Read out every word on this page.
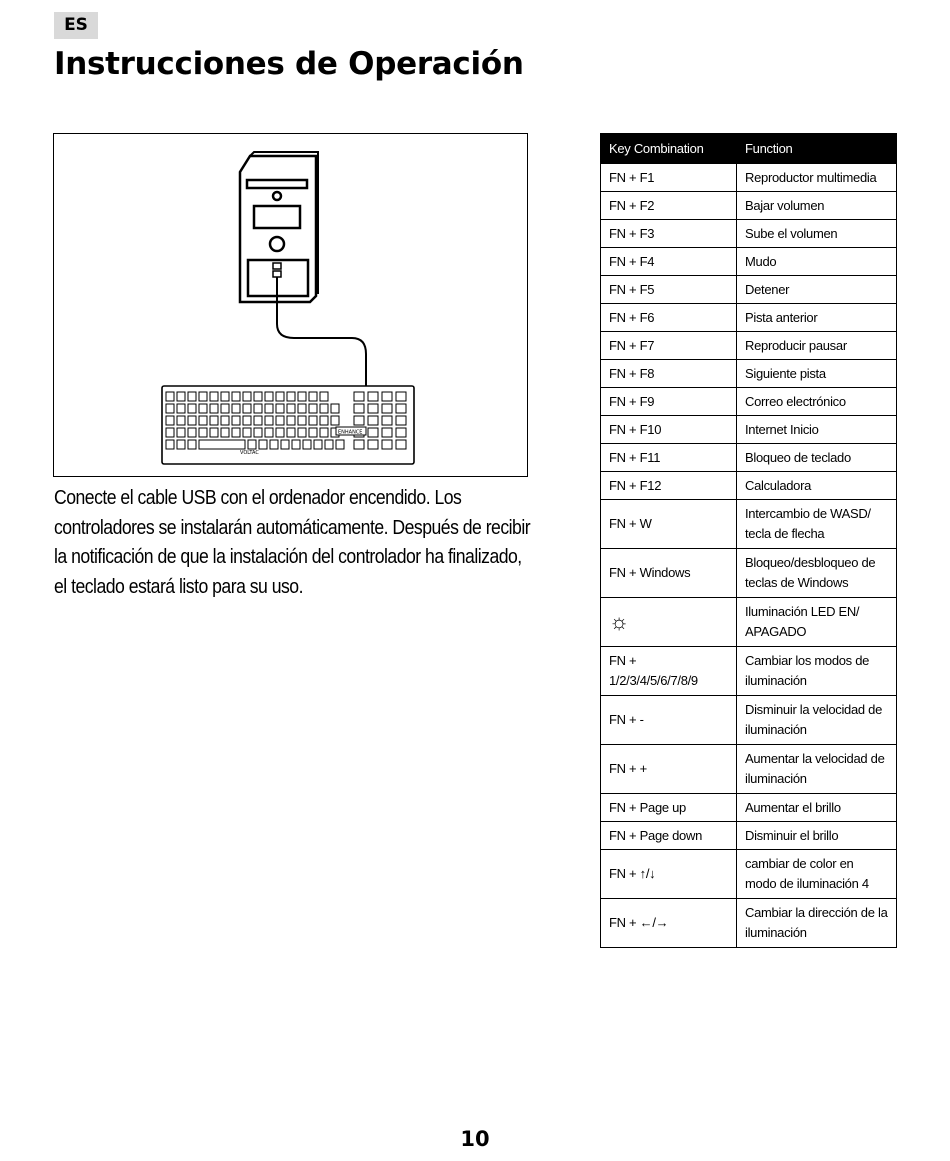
ES
Instrucciones de Operación
ENHANCE
VOLTAC

Conecte el cable USB con el ordenador encendido. Los controladores se instalarán automáticamente. Después de recibir la notificación de que la instalación del controlador ha finalizado, el teclado estará listo para su uso.

Key Combination	Function
FN + F1	Reproductor multimedia
FN + F2	Bajar volumen
FN + F3	Sube el volumen
FN + F4	Mudo
FN + F5	Detener
FN + F6	Pista anterior
FN + F7	Reproducir pausar
FN + F8	Siguiente pista
FN + F9	Correo electrónico
FN + F10	Internet Inicio
FN + F11	Bloqueo de teclado
FN + F12	Calculadora
FN + W	Intercambio de WASD/ tecla de flecha
FN + Windows	Bloqueo/desbloqueo de teclas de Windows
☼	Iluminación LED EN/ APAGADO
FN + 1/2/3/4/5/6/7/8/9	Cambiar los modos de iluminación
FN + -	Disminuir la velocidad de iluminación
FN + +	Aumentar la velocidad de iluminación
FN + Page up	Aumentar el brillo
FN + Page down	Disminuir el brillo
FN + ↑/↓	cambiar de color en modo de iluminación 4
FN + ←/→	Cambiar la dirección de la iluminación
10
